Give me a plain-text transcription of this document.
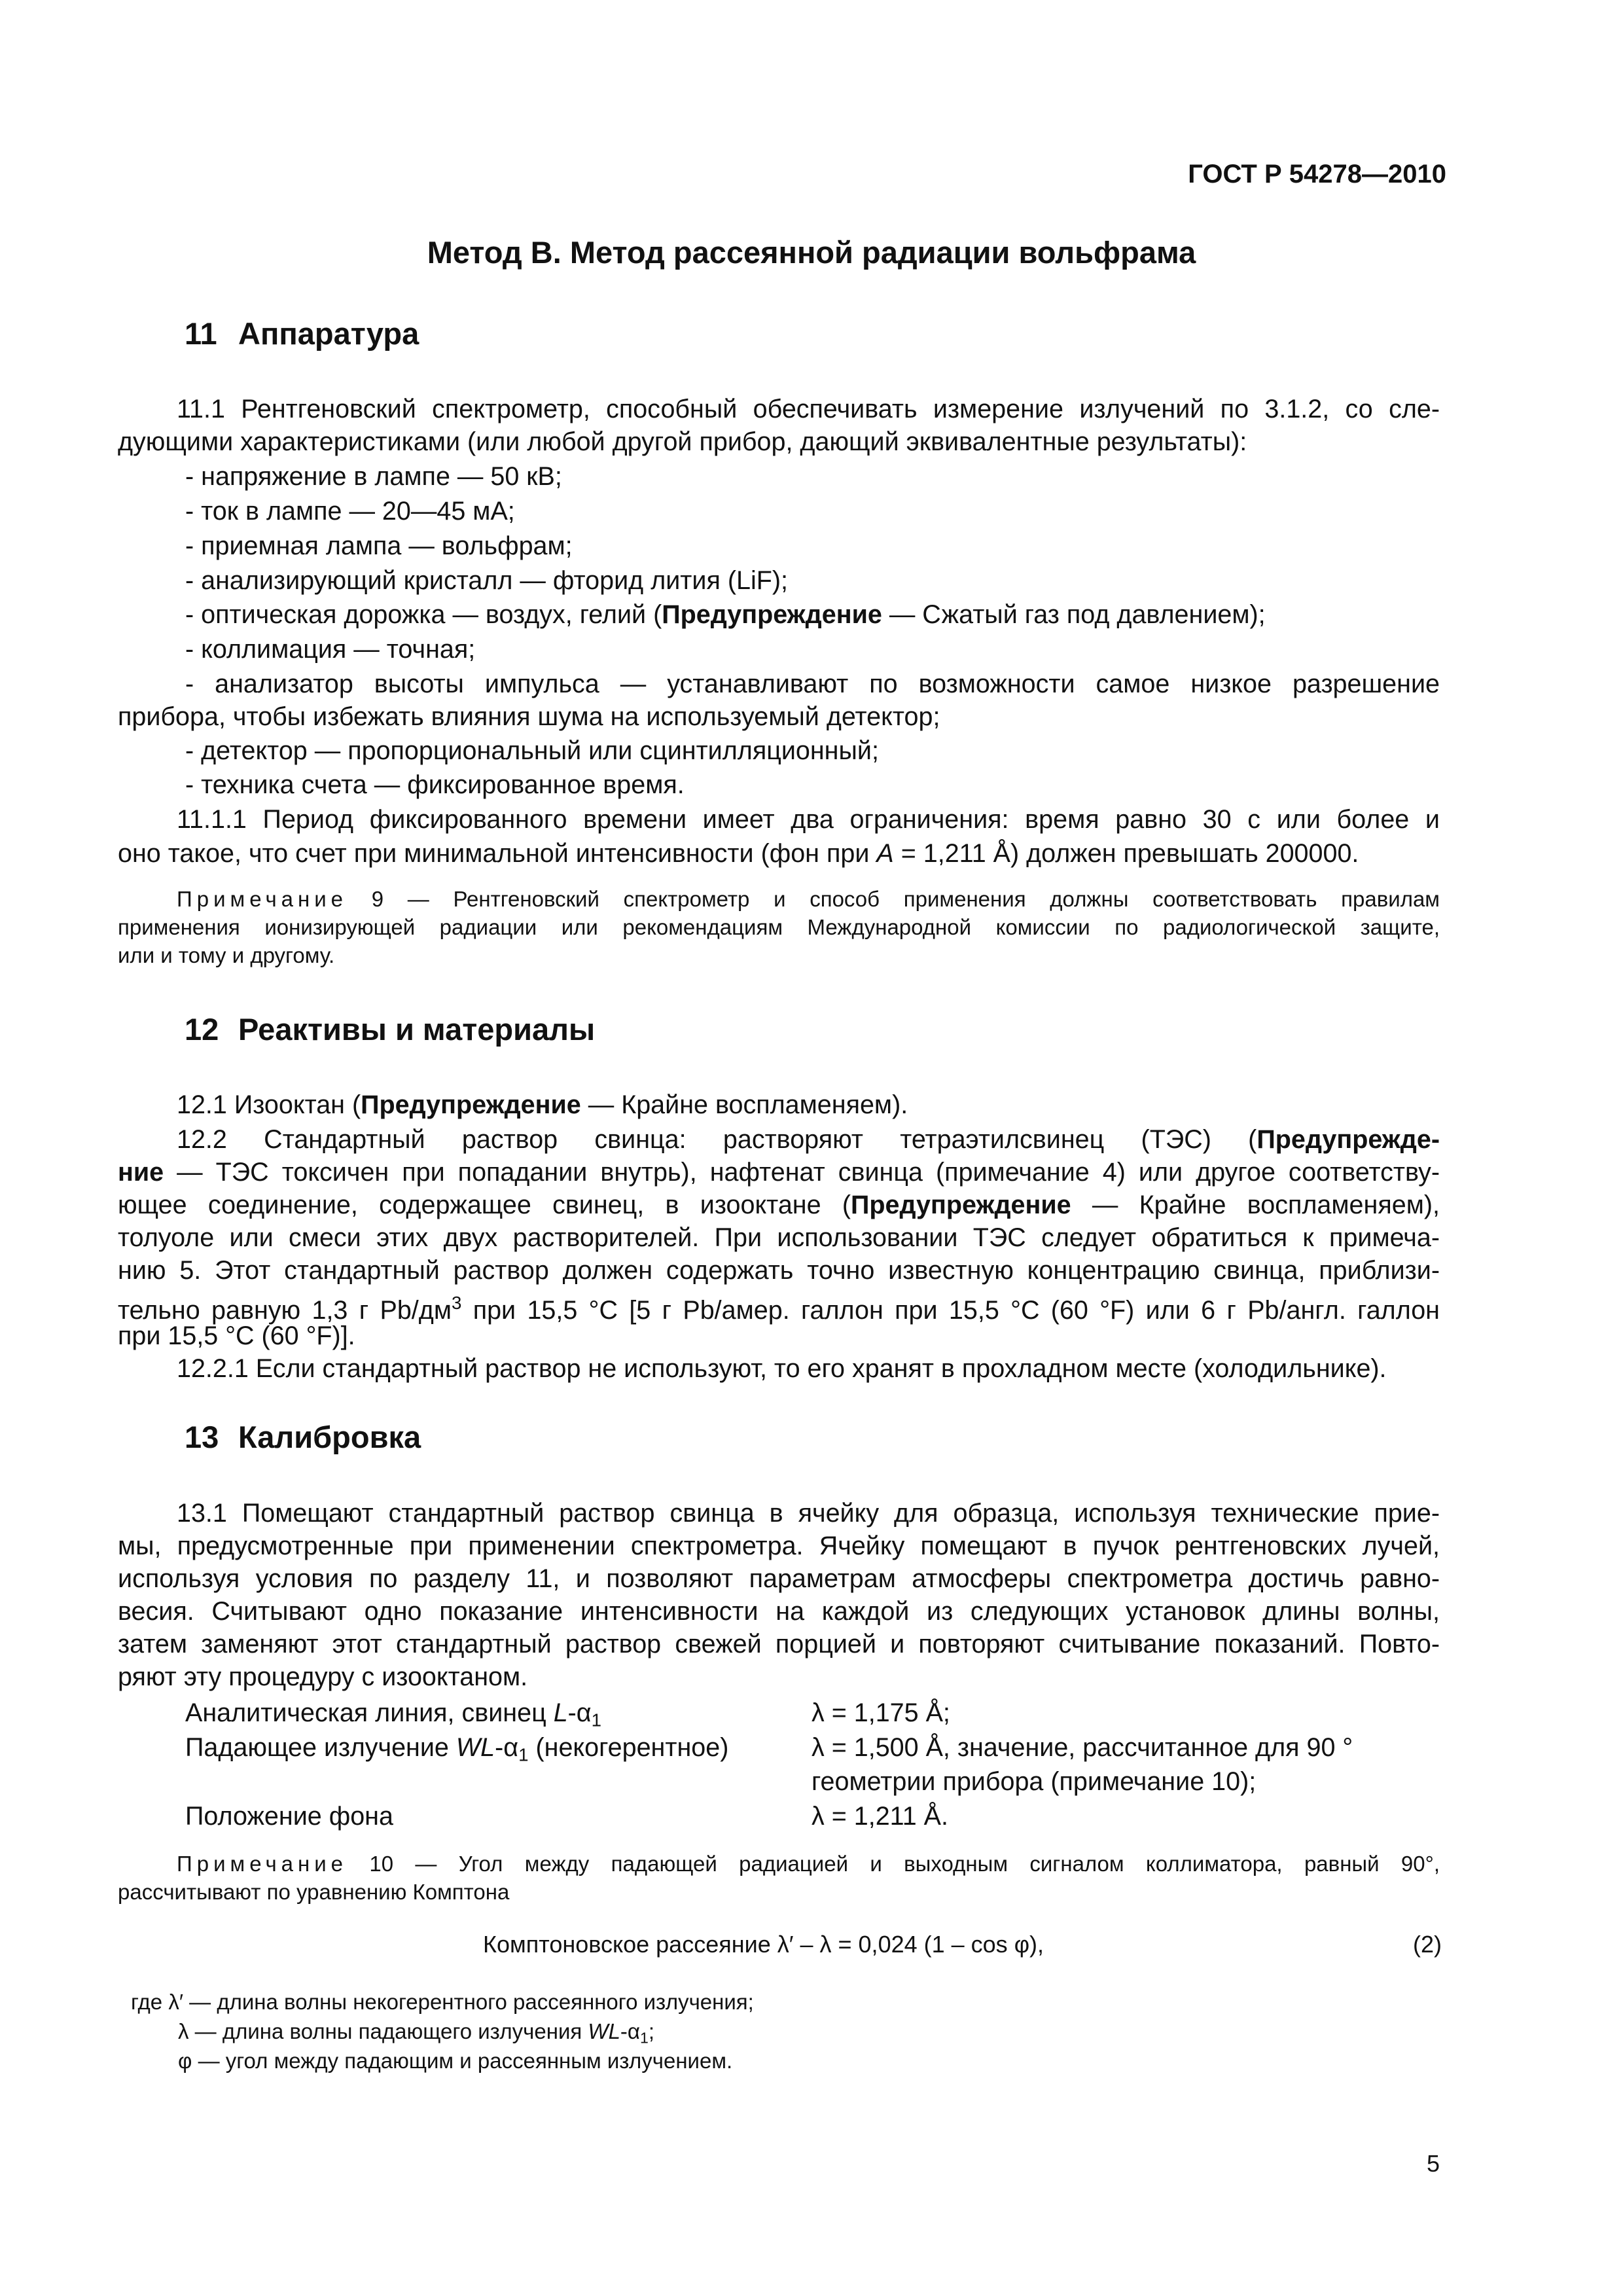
ГОСТ Р 54278—2010
Метод В. Метод рассеянной радиации вольфрама
11 Аппаратура
11.1 Рентгеновский спектрометр, способный обеспечивать измерение излучений по 3.1.2, со сле-
дующими характеристиками (или любой другой прибор, дающий эквивалентные результаты):
- напряжение в лампе — 50 кВ;
- ток в лампе — 20—45 мА;
- приемная лампа — вольфрам;
- анализирующий кристалл — фторид лития (LiF);
- оптическая дорожка — воздух, гелий (Предупреждение — Сжатый газ под давлением);
- коллимация — точная;
- анализатор высоты импульса — устанавливают по возможности самое низкое разрешение
прибора, чтобы избежать влияния шума на используемый детектор;
- детектор — пропорциональный или сцинтилляционный;
- техника счета — фиксированное время.
11.1.1 Период фиксированного времени имеет два ограничения: время равно 30 с или более и
оно такое, что счет при минимальной интенсивности (фон при A = 1,211 Å) должен превышать 200000.
Примечание 9 — Рентгеновский спектрометр и способ применения должны соответствовать правилам
применения ионизирующей радиации или рекомендациям Международной комиссии по радиологической защите,
или и тому и другому.
12 Реактивы и материалы
12.1 Изооктан (Предупреждение — Крайне воспламеняем).
12.2 Стандартный раствор свинца: растворяют тетраэтилсвинец (ТЭС) (Предупрежде-
ние — ТЭС токсичен при попадании внутрь), нафтенат свинца (примечание 4) или другое соответству-
ющее соединение, содержащее свинец, в изооктане (Предупреждение — Крайне воспламеняем),
толуоле или смеси этих двух растворителей. При использовании ТЭС следует обратиться к примеча-
нию 5. Этот стандартный раствор должен содержать точно известную концентрацию свинца, приблизи-
тельно равную 1,3 г $Pb/дм^3$ при 15,5 °С [5 г Pb/амер. галлон при 15,5 °С (60 °F) или 6 г Pb/англ. галлон
при 15,5 °С (60 °F)].
12.2.1 Если стандартный раствор не используют, то его хранят в прохладном месте (холодильнике).
13 Калибровка
13.1 Помещают стандартный раствор свинца в ячейку для образца, используя технические прие-
мы, предусмотренные при применении спектрометра. Ячейку помещают в пучок рентгеновских лучей,
используя условия по разделу 11, и позволяют параметрам атмосферы спектрометра достичь равно-
весия. Считывают одно показание интенсивности на каждой из следующих установок длины волны,
затем заменяют этот стандартный раствор свежей порцией и повторяют считывание показаний. Повто-
ряют эту процедуру с изооктаном.
Аналитическая линия, свинец $L-\alpha_1$	λ = 1,175 Å;
Падающее излучение $WL-\alpha_1$ (некогерентное)	λ = 1,500 Å, значение, рассчитанное для 90 °
геометрии прибора (примечание 10);
Положение фона	λ = 1,211 Å.
Примечание 10 — Угол между падающей радиацией и выходным сигналом коллиматора, равный 90°,
рассчитывают по уравнению Комптона
Комптоновское рассеяние λ′ – λ = 0,024 (1 – cos φ),	(2)
где λ′ — длина волны некогерентного рассеянного излучения;
λ — длина волны падающего излучения $WL-\alpha_1$;
φ — угол между падающим и рассеянным излучением.
5
